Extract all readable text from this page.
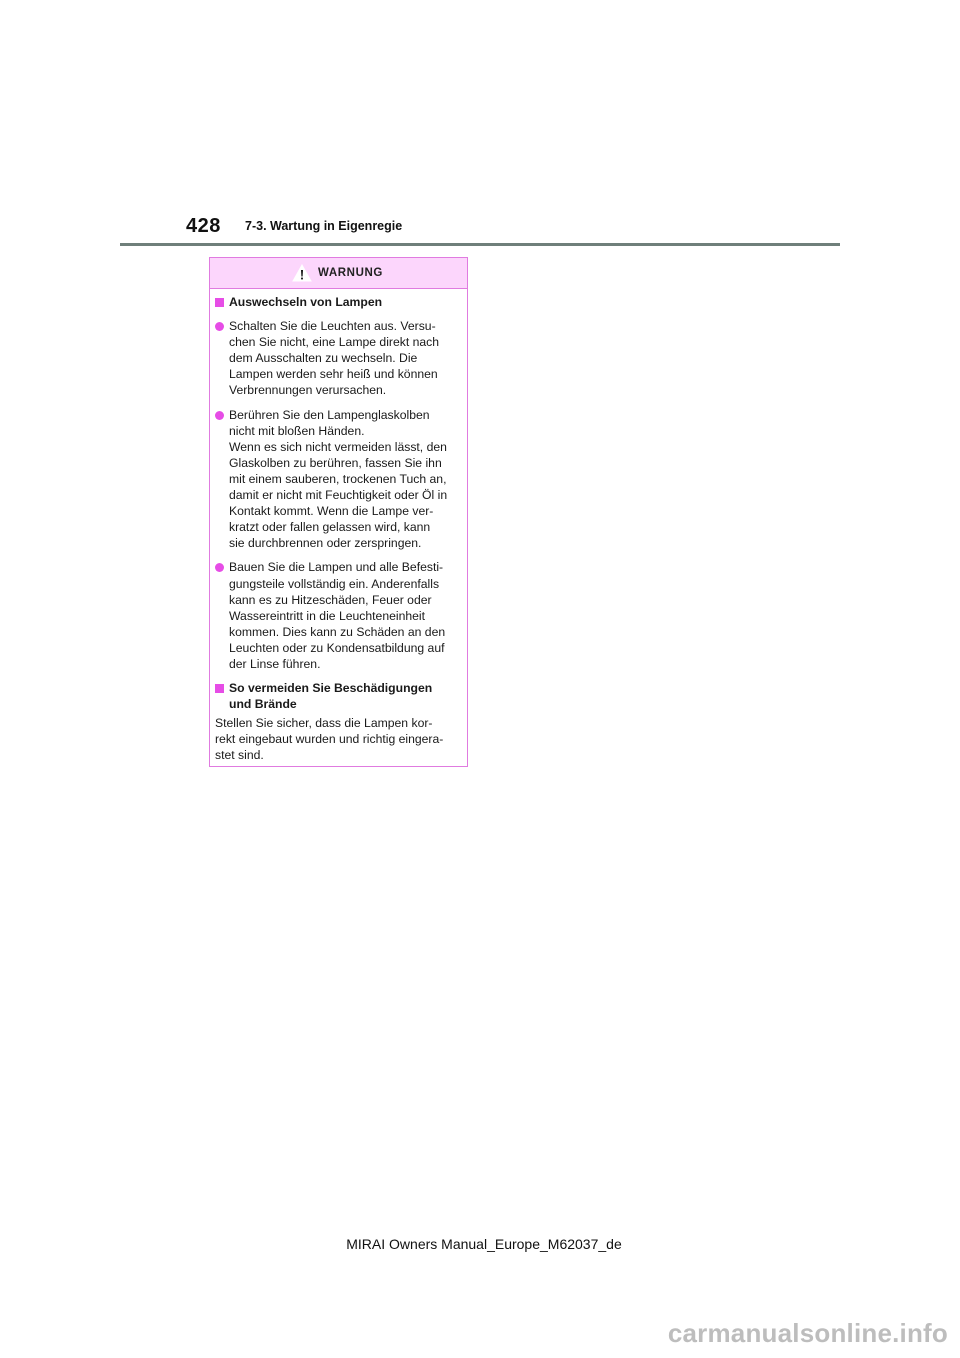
428 7-3. Wartung in Eigenregie
WARNUNG
Auswechseln von Lampen
Schalten Sie die Leuchten aus. Versu-
chen Sie nicht, eine Lampe direkt nach
dem Ausschalten zu wechseln. Die
Lampen werden sehr heiß und können
Verbrennungen verursachen.
Berühren Sie den Lampenglaskolben
nicht mit bloßen Händen.
Wenn es sich nicht vermeiden lässt, den
Glaskolben zu berühren, fassen Sie ihn
mit einem sauberen, trockenen Tuch an,
damit er nicht mit Feuchtigkeit oder Öl in
Kontakt kommt. Wenn die Lampe ver-
kratzt oder fallen gelassen wird, kann
sie durchbrennen oder zerspringen.
Bauen Sie die Lampen und alle Befesti-
gungsteile vollständig ein. Anderenfalls
kann es zu Hitzeschäden, Feuer oder
Wassereintritt in die Leuchteneinheit
kommen. Dies kann zu Schäden an den
Leuchten oder zu Kondensatbildung auf
der Linse führen.
So vermeiden Sie Beschädigungen
und Brände
Stellen Sie sicher, dass die Lampen kor-
rekt eingebaut wurden und richtig eingera-
stet sind.
MIRAI Owners Manual_Europe_M62037_de
carmanualsonline.info
